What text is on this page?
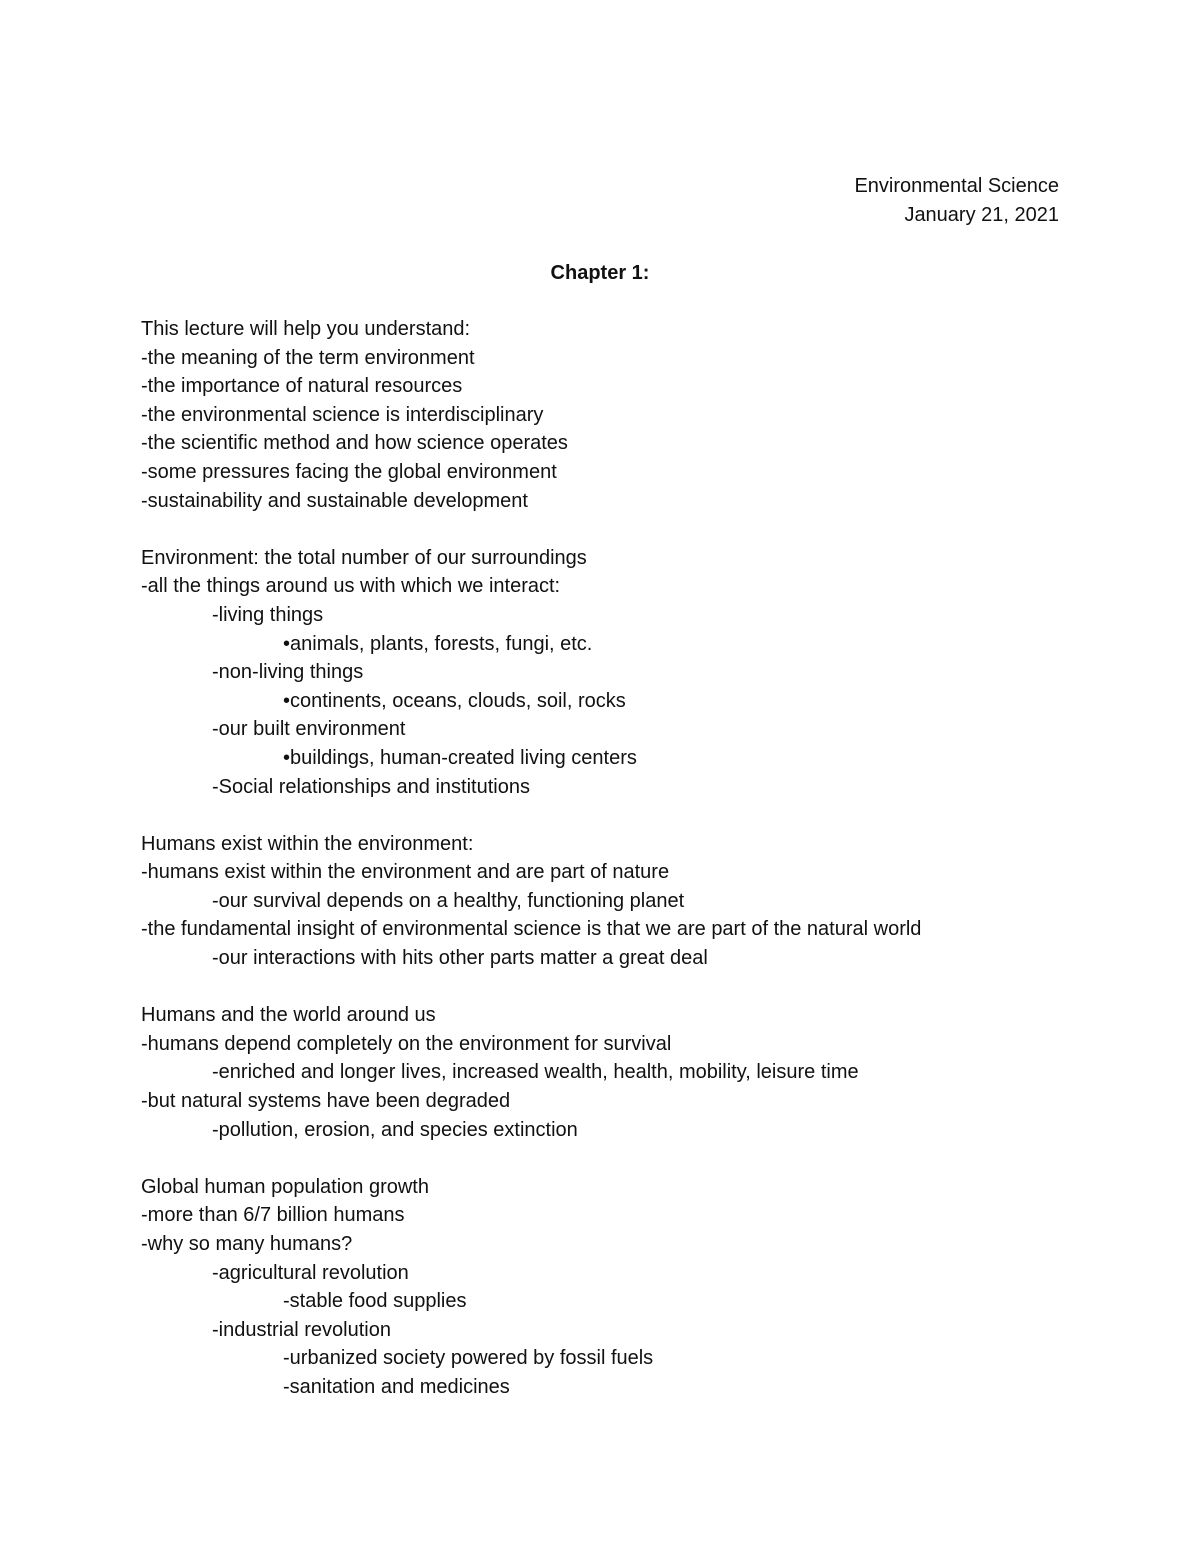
Environmental Science
January 21, 2021
Chapter 1:
This lecture will help you understand:
-the meaning of the term environment
-the importance of natural resources
-the environmental science is interdisciplinary
-the scientific method and how science operates
-some pressures facing the global environment
-sustainability and sustainable development
Environment: the total number of our surroundings
-all the things around us with which we interact:
-living things
•animals, plants, forests, fungi, etc.
-non-living things
•continents, oceans, clouds, soil, rocks
-our built environment
•buildings, human-created living centers
-Social relationships and institutions
Humans exist within the environment:
-humans exist within the environment and are part of nature
-our survival depends on a healthy, functioning planet
-the fundamental insight of environmental science is that we are part of the natural world
-our interactions with hits other parts matter a great deal
Humans and the world around us
-humans depend completely on the environment for survival
-enriched and longer lives, increased wealth, health, mobility, leisure time
-but natural systems have been degraded
-pollution, erosion, and species extinction
Global human population growth
-more than 6/7 billion humans
-why so many humans?
-agricultural revolution
-stable food supplies
-industrial revolution
-urbanized society powered by fossil fuels
-sanitation and medicines
